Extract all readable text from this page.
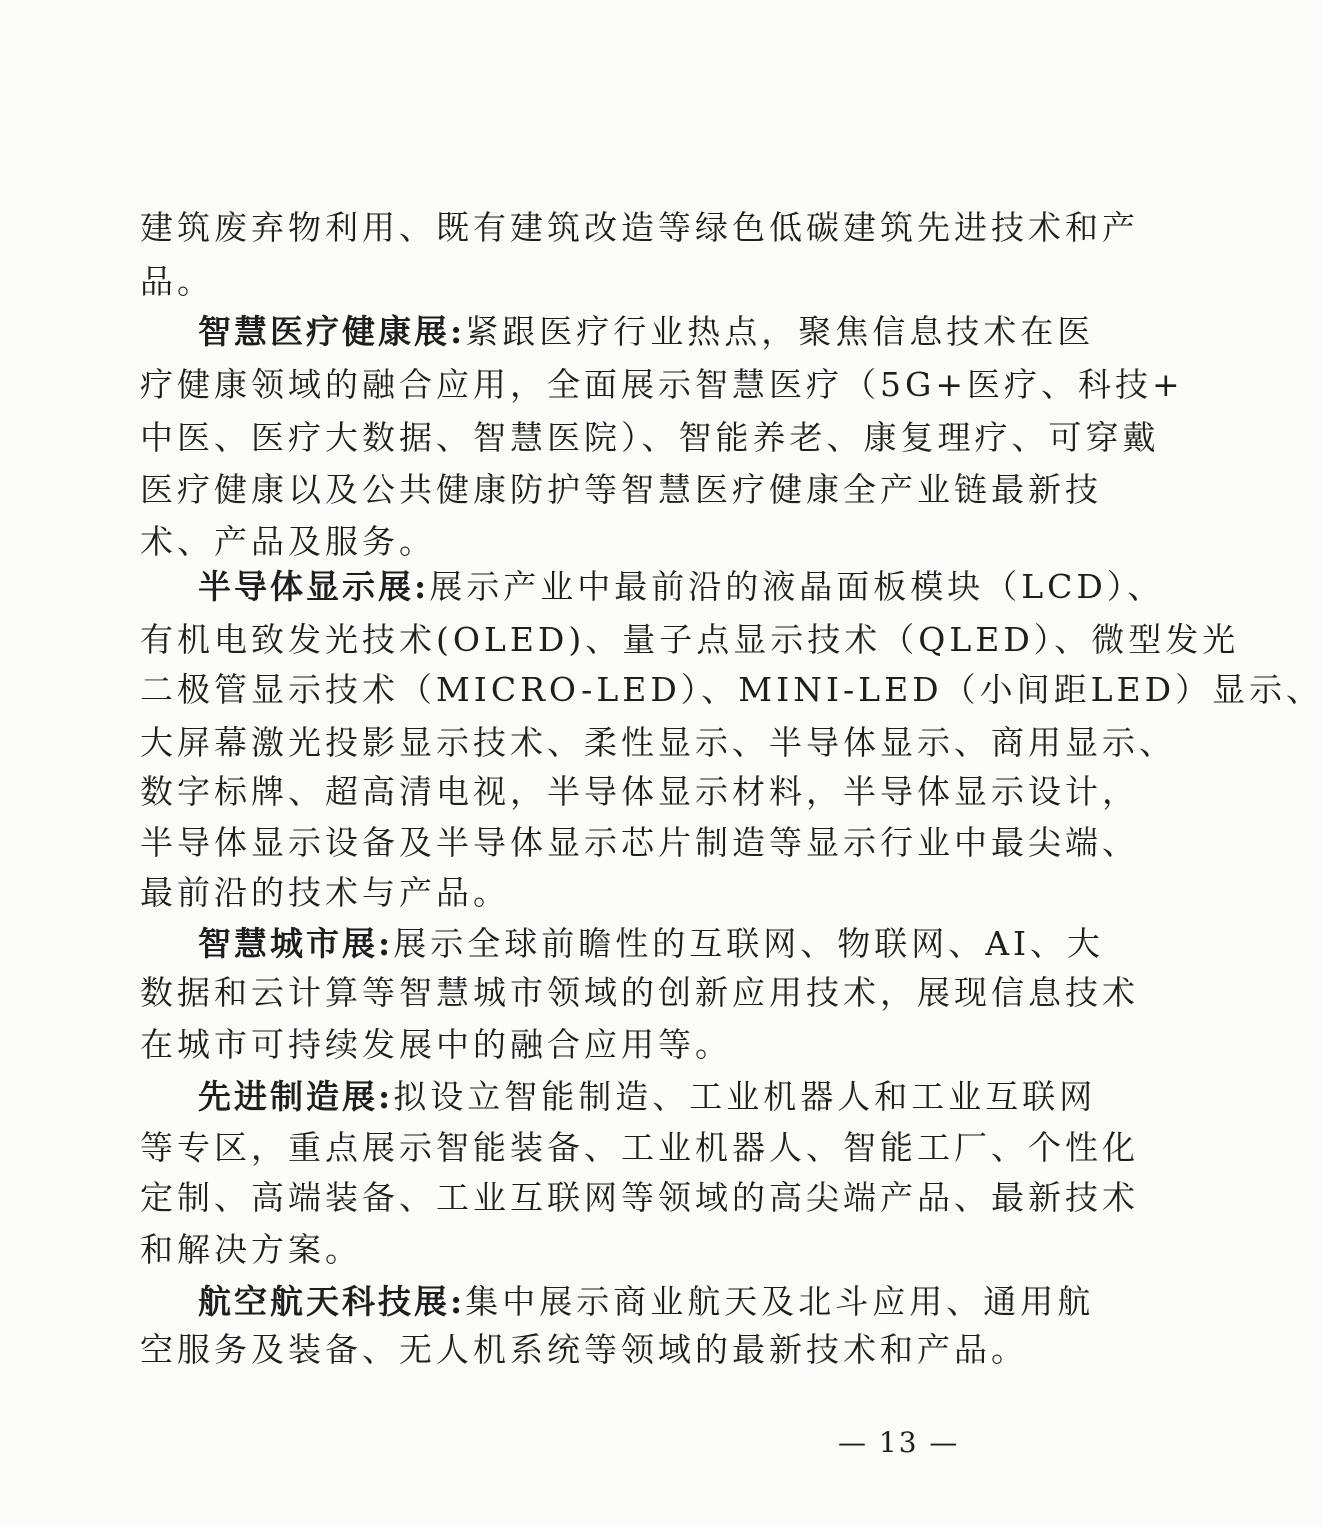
建筑废弃物利用、既有建筑改造等绿色低碳建筑先进技术和产
品。
智慧医疗健康展:紧跟医疗行业热点，聚焦信息技术在医
疗健康领域的融合应用，全面展示智慧医疗（5G+医疗、科技+
中医、医疗大数据、智慧医院）、智能养老、康复理疗、可穿戴
医疗健康以及公共健康防护等智慧医疗健康全产业链最新技
术、产品及服务。
半导体显示展:展示产业中最前沿的液晶面板模块（LCD）、
有机电致发光技术(OLED)、量子点显示技术（QLED）、微型发光
二极管显示技术（MICRO-LED）、MINI-LED（小间距LED）显示、
大屏幕激光投影显示技术、柔性显示、半导体显示、商用显示、
数字标牌、超高清电视，半导体显示材料，半导体显示设计，
半导体显示设备及半导体显示芯片制造等显示行业中最尖端、
最前沿的技术与产品。
智慧城市展:展示全球前瞻性的互联网、物联网、AI、大
数据和云计算等智慧城市领域的创新应用技术，展现信息技术
在城市可持续发展中的融合应用等。
先进制造展:拟设立智能制造、工业机器人和工业互联网
等专区，重点展示智能装备、工业机器人、智能工厂、个性化
定制、高端装备、工业互联网等领域的高尖端产品、最新技术
和解决方案。
航空航天科技展:集中展示商业航天及北斗应用、通用航
空服务及装备、无人机系统等领域的最新技术和产品。
— 13 —
